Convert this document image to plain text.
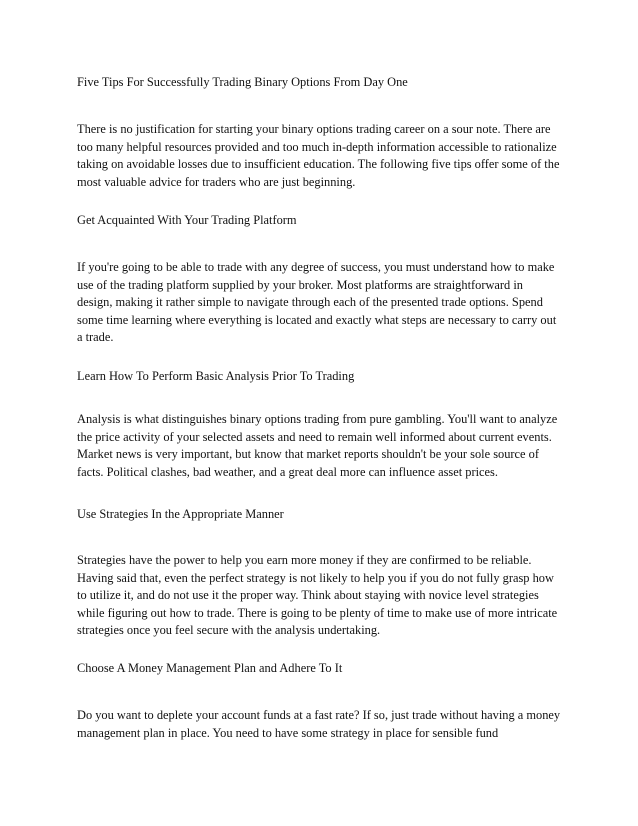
Five Tips For Successfully Trading Binary Options From Day One

There is no justification for starting your binary options trading career on a sour note. There are
too many helpful resources provided and too much in-depth information accessible to rationalize
taking on avoidable losses due to insufficient education. The following five tips offer some of the
most valuable advice for traders who are just beginning.

Get Acquainted With Your Trading Platform

If you're going to be able to trade with any degree of success, you must understand how to make
use of the trading platform supplied by your broker. Most platforms are straightforward in
design, making it rather simple to navigate through each of the presented trade options. Spend
some time learning where everything is located and exactly what steps are necessary to carry out
a trade.

Learn How To Perform Basic Analysis Prior To Trading

Analysis is what distinguishes binary options trading from pure gambling. You'll want to analyze
the price activity of your selected assets and need to remain well informed about current events.
Market news is very important, but know that market reports shouldn't be your sole source of
facts. Political clashes, bad weather, and a great deal more can influence asset prices.

Use Strategies In the Appropriate Manner

Strategies have the power to help you earn more money if they are confirmed to be reliable.
Having said that, even the perfect strategy is not likely to help you if you do not fully grasp how
to utilize it, and do not use it the proper way. Think about staying with novice level strategies
while figuring out how to trade. There is going to be plenty of time to make use of more intricate
strategies once you feel secure with the analysis undertaking.

Choose A Money Management Plan and Adhere To It

Do you want to deplete your account funds at a fast rate? If so, just trade without having a money
management plan in place. You need to have some strategy in place for sensible fund
